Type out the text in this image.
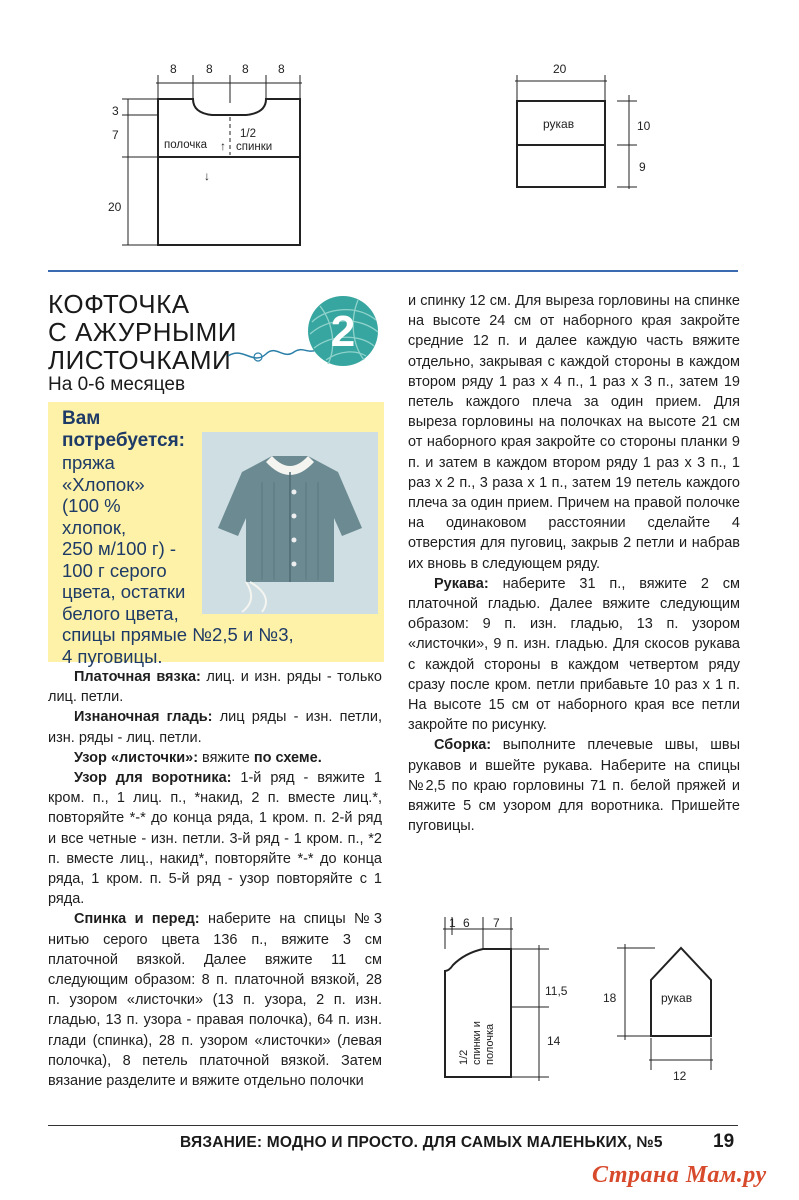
8 8 8 8
3
7
20
полочка ↑
1/2
спинки
↓
20
рукав	10
9
КОФТОЧКА
С АЖУРНЫМИ
ЛИСТОЧКАМИ
На 0-6 месяцев
2
Вам
потребуется:
пряжа
«Хлопок»
(100 %
хлопок,
250 м/100 г) -
100 г серого
цвета, остатки
белого цвета,
спицы прямые №2,5 и №3,
4 пуговицы.

Платочная вязка: лиц. и изн. ряды - только лиц. петли.

Изнаночная гладь: лиц ряды - изн. петли, изн. ряды - лиц. петли.

Узор «листочки»: вяжите по схеме.

Узор для воротника: 1-й ряд - вяжите 1 кром. п., 1 лиц. п., *накид, 2 п. вместе лиц.*, повторяйте *-* до конца ряда, 1 кром. п. 2-й ряд и все четные - изн. петли. 3-й ряд - 1 кром. п., *2 п. вместе лиц., накид*, повторяйте *-* до конца ряда, 1 кром. п. 5-й ряд - узор повторяйте с 1 ряда.

Спинка и перед: наберите на спицы №3 нитью серого цвета 136 п., вяжите 3 см платочной вязкой. Далее вяжите 11 см следующим образом: 8 п. платочной вязкой, 28 п. узором «листочки» (13 п. узора, 2 п. изн. гладью, 13 п. узора - правая полочка), 64 п. изн. глади (спинка), 28 п. узором «листочки» (левая полочка), 8 петель платочной вязкой. Затем вязание разделите и вяжите отдельно полочки

и спинку 12 см. Для выреза горловины на спинке на высоте 24 см от наборного края закройте средние 12 п. и далее каждую часть вяжите отдельно, закрывая с каждой стороны в каждом втором ряду 1 раз х 4 п., 1 раз х 3 п., затем 19 петель каждого плеча за один прием. Для выреза горловины на полочках на высоте 21 см от наборного края закройте со стороны планки 9 п. и затем в каждом втором ряду 1 раз х 3 п., 1 раз х 2 п., 3 раза х 1 п., затем 19 петель каждого плеча за один прием. Причем на правой полочке на одинаковом расстоянии сделайте 4 отверстия для пуговиц, закрыв 2 петли и набрав их вновь в следующем ряду.

Рукава: наберите 31 п., вяжите 2 см платочной гладью. Далее вяжите следующим образом: 9 п. изн. гладью, 13 п. узором «листочки», 9 п. изн. гладью. Для скосов рукава с каждой стороны в каждом четвертом ряду сразу после кром. петли прибавьте 10 раз х 1 п. На высоте 15 см от наборного края все петли закройте по рисунку.

Сборка: выполните плечевые швы, швы рукавов и вшейте рукава. Наберите на спицы №2,5 по краю горловины 71 п. белой пряжей и вяжите 5 см узором для воротника. Пришейте пуговицы.

1 6 7
11,5
14
1/2 спинки и полочка
18	рукав
12
ВЯЗАНИЕ: МОДНО И ПРОСТО. ДЛЯ САМЫХ МАЛЕНЬКИХ, №5	19
Страна Мам.ру
